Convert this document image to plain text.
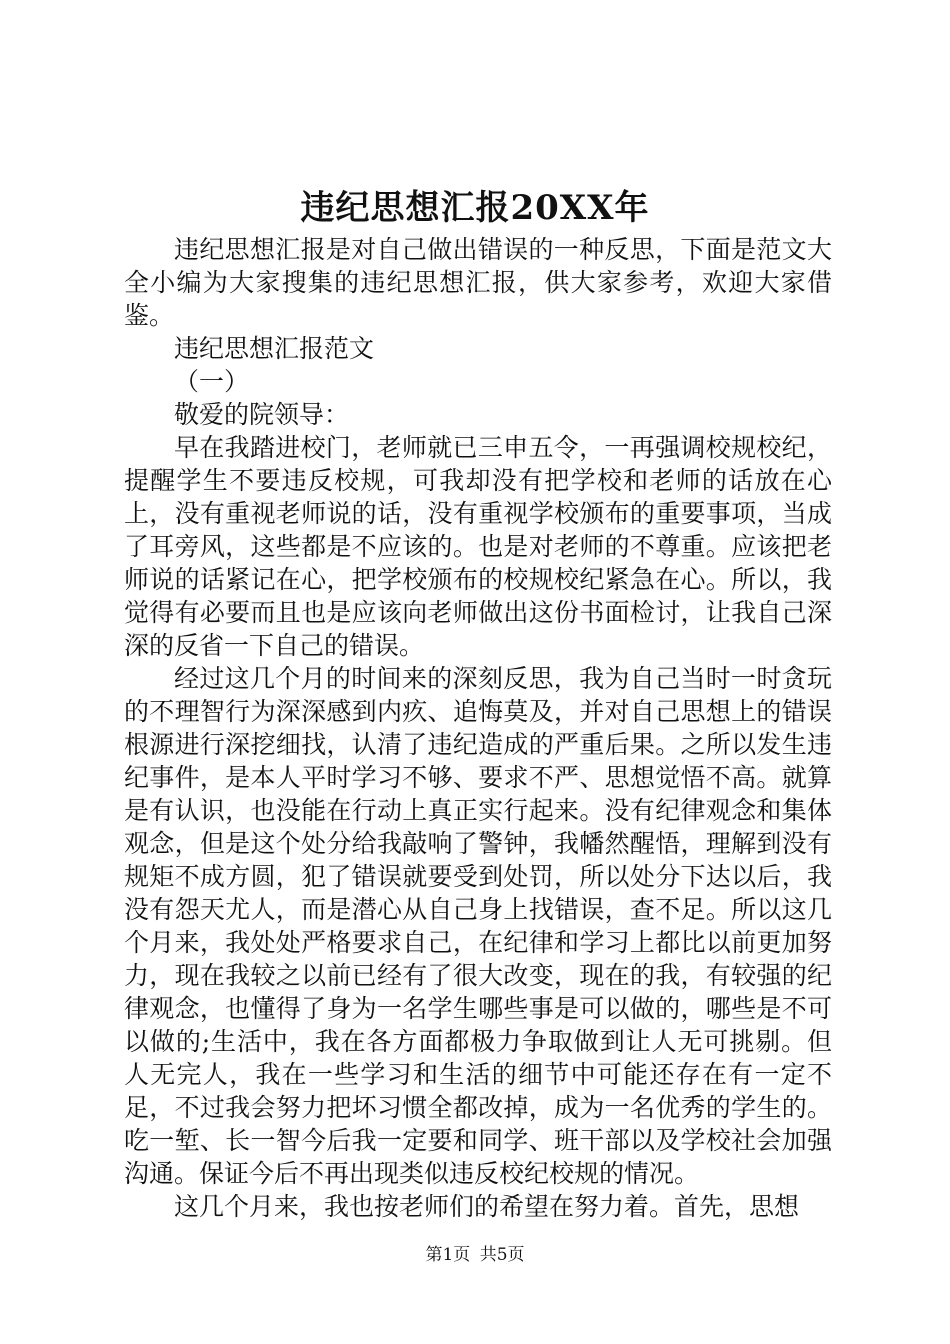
违纪思想汇报20XX年

违纪思想汇报是对自己做出错误的一种反思，下面是范文大全小编为大家搜集的违纪思想汇报，供大家参考，欢迎大家借鉴。

违纪思想汇报范文

（一）

敬爱的院领导：

早在我踏进校门，老师就已三申五令，一再强调校规校纪，提醒学生不要违反校规，可我却没有把学校和老师的话放在心上，没有重视老师说的话，没有重视学校颁布的重要事项，当成了耳旁风，这些都是不应该的。也是对老师的不尊重。应该把老师说的话紧记在心，把学校颁布的校规校纪紧急在心。所以，我觉得有必要而且也是应该向老师做出这份书面检讨，让我自己深深的反省一下自己的错误。

经过这几个月的时间来的深刻反思，我为自己当时一时贪玩的不理智行为深深感到内疚、追悔莫及，并对自己思想上的错误根源进行深挖细找，认清了违纪造成的严重后果。之所以发生违纪事件，是本人平时学习不够、要求不严、思想觉悟不高。就算是有认识，也没能在行动上真正实行起来。没有纪律观念和集体观念，但是这个处分给我敲响了警钟，我幡然醒悟，理解到没有规矩不成方圆，犯了错误就要受到处罚，所以处分下达以后，我没有怨天尤人，而是潜心从自己身上找错误，查不足。所以这几个月来，我处处严格要求自己，在纪律和学习上都比以前更加努力，现在我较之以前已经有了很大改变，现在的我，有较强的纪律观念，也懂得了身为一名学生哪些事是可以做的，哪些是不可以做的;生活中，我在各方面都极力争取做到让人无可挑剔。但人无完人，我在一些学习和生活的细节中可能还存在有一定不足，不过我会努力把坏习惯全都改掉，成为一名优秀的学生的。吃一堑、长一智今后我一定要和同学、班干部以及学校社会加强沟通。保证今后不再出现类似违反校纪校规的情况。

这几个月来，我也按老师们的希望在努力着。首先，思想

第1页 共5页
